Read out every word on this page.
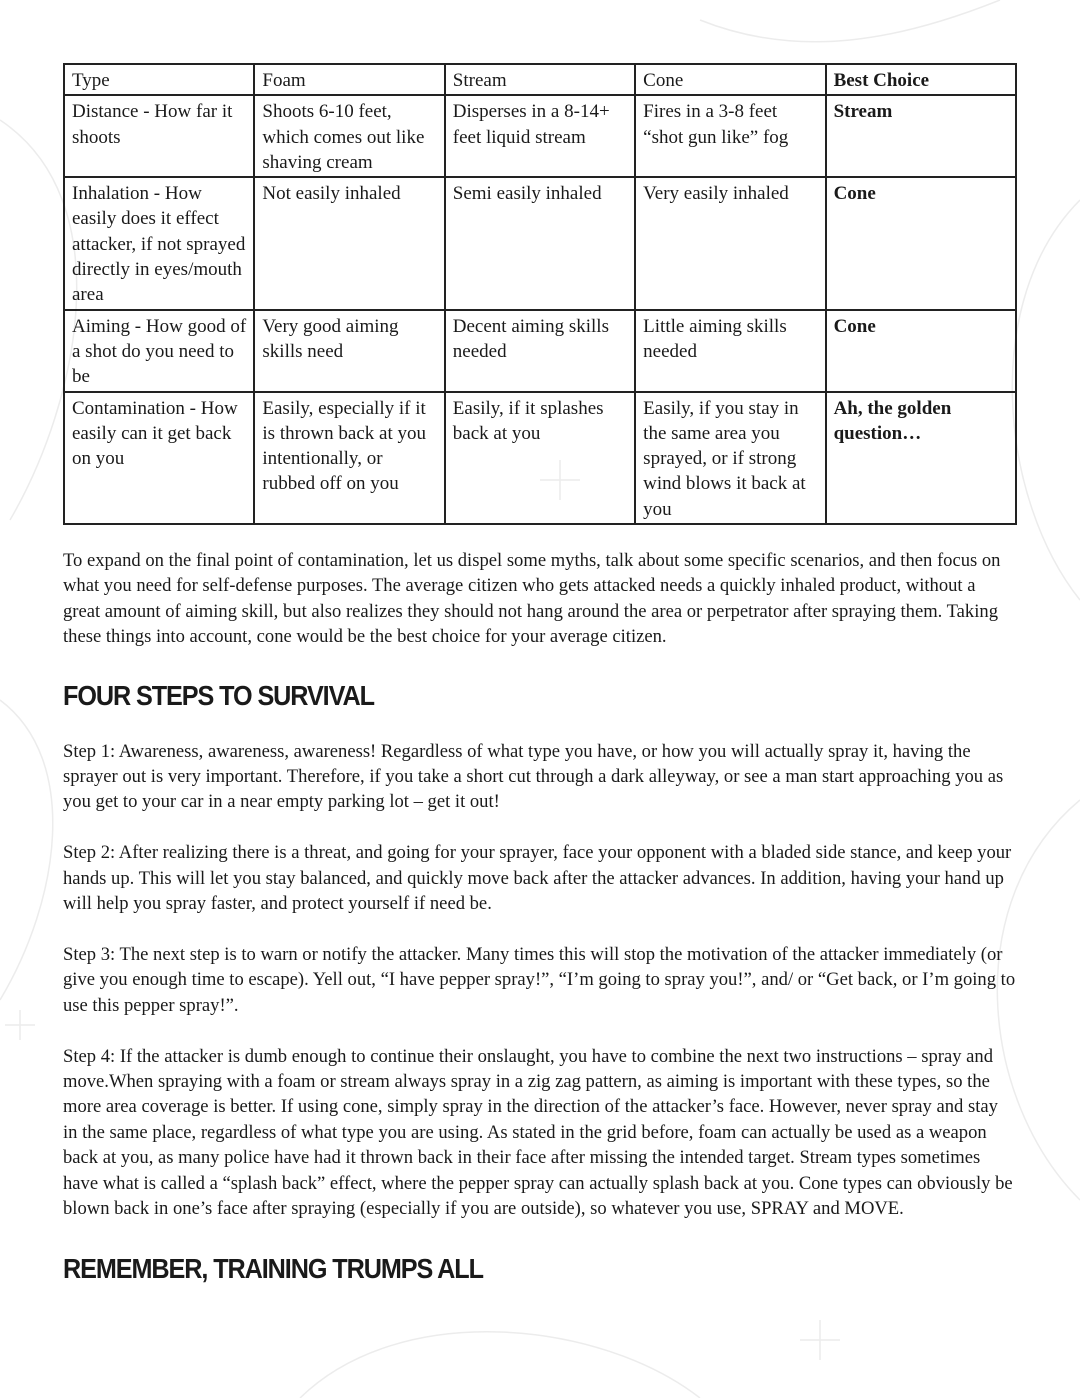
Type	Foam	Stream	Cone	Best Choice
Distance - How far it shoots	Shoots 6-10 feet, which comes out like shaving cream	Disperses in a 8-14+ feet liquid stream	Fires in a 3-8 feet “shot gun like” fog	Stream
Inhalation - How easily does it effect attacker, if not sprayed directly in eyes/mouth area	Not easily inhaled	Semi easily inhaled	Very easily inhaled	Cone
Aiming - How good of a shot do you need to be	Very good aiming skills need	Decent aiming skills needed	Little aiming skills needed	Cone
Contamination - How easily can it get back on you	Easily, especially if it is thrown back at you intentionally, or rubbed off on you	Easily, if it splashes back at you	Easily, if you stay in the same area you sprayed, or if strong wind blows it back at you	Ah, the golden question…

To expand on the final point of contamination, let us dispel some myths, talk about some specific scenarios, and then focus on what you need for self-defense purposes. The average citizen who gets attacked needs a quickly inhaled product, without a great amount of aiming skill, but also realizes they should not hang around the area or perpetrator after spraying them. Taking these things into account, cone would be the best choice for your average citizen.

FOUR STEPS TO SURVIVAL

Step 1: Awareness, awareness, awareness! Regardless of what type you have, or how you will actually spray it, having the sprayer out is very important. Therefore, if you take a short cut through a dark alleyway, or see a man start approaching you as you get to your car in a near empty parking lot – get it out!

Step 2: After realizing there is a threat, and going for your sprayer, face your opponent with a bladed side stance, and keep your hands up. This will let you stay balanced, and quickly move back after the attacker advances. In addition, having your hand up will help you spray faster, and protect yourself if need be.

Step 3: The next step is to warn or notify the attacker. Many times this will stop the motivation of the attacker immediately (or give you enough time to escape). Yell out, “I have pepper spray!”, “I’m going to spray you!”, and/ or “Get back, or I’m going to use this pepper spray!”.

Step 4: If the attacker is dumb enough to continue their onslaught, you have to combine the next two instructions – spray and move.When spraying with a foam or stream always spray in a zig zag pattern, as aiming is important with these types, so the more area coverage is better. If using cone, simply spray in the direction of the attacker’s face. However, never spray and stay in the same place, regardless of what type you are using. As stated in the grid before, foam can actually be used as a weapon back at you, as many police have had it thrown back in their face after missing the intended target. Stream types sometimes have what is called a “splash back” effect, where the pepper spray can actually splash back at you. Cone types can obviously be blown back in one’s face after spraying (especially if you are outside), so whatever you use, SPRAY and MOVE.

REMEMBER, TRAINING TRUMPS ALL
